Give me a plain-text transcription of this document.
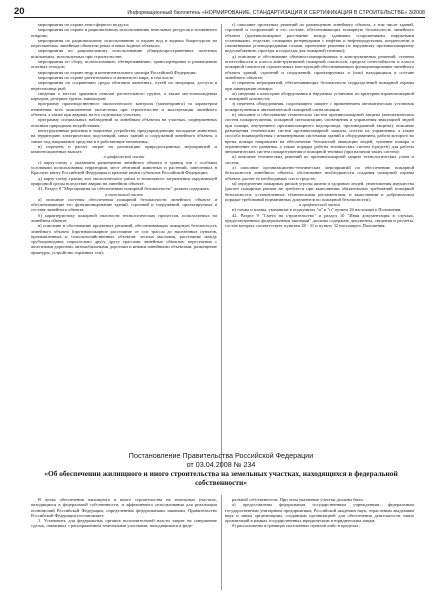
20	Информационный бюллетень «НОРМИРОВАНИЕ, СТАНДАРТИЗАЦИЯ И СЕРТИФИКАЦИЯ В СТРОИТЕЛЬСТВЕ» 3/2008

мероприятия по охране атмосферного воздуха;

мероприятия по охране и рациональному использованию земельных ресурсов и почвенного покрова;

мероприятия по рациональному использованию и охране вод и водных биоресурсов на пересекаемых линейным объектом реках и иных водных объектах;

мероприятия по рациональному использованию общераспространенных полезных ископаемых, используемых при строительстве;

мероприятия по сбору, использованию, обезвреживанию, транспортировке и размещению опасных отходов;

мероприятия по охране недр и континентального шельфа Российской Федерации;

мероприятия по охране растительного и животного мира, в том числе:

мероприятия по сохранению среды обитания животных, путей их миграции, доступа в нерестилища рыб;

сведения о местах хранения отвалов растительного грунта, а также местонахождении карьеров, резервов грунта, кавальеров;

программу производственного экологического контроля (мониторинга) за характером изменения всех компонентов экосистемы при строительстве и эксплуатации линейного объекта, а также при авариях на его отдельных участках;

программу специальных наблюдений за линейным объектом на участках, подверженных опасным природным воздействиям;

конструктивные решения и защитные устройства, предупреждающие попадание животных на территорию электрических подстанций, иных зданий и сооружений линейного объекта, а также под напряжение средства и в работающие механизмы;

в) перечень и расчет затрат на реализацию природоохранных мероприятий и компенсационных выплат;

в графической части

г) карту-схему с указанием размещения линейного объекта и границ зон с особыми условиями использования территории, мест обитаний животных и растений, занесенных в Красную книгу Российской Федерации и красные книги субъектов Российской Федерации;

д) карту-схему границ зон экологического риска и возможного загрязнения окружающей природной среды вследствие аварии на линейном объекте.

41. Раздел 8 "Мероприятия по обеспечению пожарной безопасности" должен содержать:

в текстовой части

а) описание системы обеспечения пожарной безопасности линейного объекта и обеспечивающих его функционирование зданий, строений и сооружений, проектируемых в составе линейного объекта;

б) характеристику пожарной опасности технологических процессов, используемых на линейном объекте;

в) описание и обоснование проектных решений, обеспечивающих пожарную безопасность линейного объекта (противопожарное расстояние от оси трассы до населенных пунктов, промышленных и сельскохозяйственных объектов, лесных массивов, расстояние между трубопроводами, параллельно другу другу трассами линейных объектов, пересечение с железными дорогами, автомобильными дорогами и иными линейными объектами, размещение арматуры, устройство охранных зон);

г) описание проектных решений по размещению линейного объекта, а том числе зданий, строений и сооружений в его составе, обеспечивающих пожарную безопасность линейного объекта (противопожарное расстояние между зданиями, сооружениями, наружными установками, отдельно стоящими резервуарами с нефтью и нефтепродуктами, конденсатом и сжиженными углеводородными газами, проектные решения по наружному противопожарному водоснабжению, проезды и подъезды для пожарной техники);

д) описание и обоснование объемно-планировочных и конструктивных решений, степени огнестойкости и класса конструктивной пожарной опасности, предела огнестойкости и класса пожарной опасности строительных конструкций обеспечивающих функционирование линейного объекта зданий, строений и сооружений, проектируемых и (или) находящихся в составе линейного объекта;

е) перечень мероприятий, обеспечивающих безопасность подразделений пожарной охраны при ликвидации пожара;

ж) сведения о категории оборудования и наружных установок по критерию взрывопожарной и пожарной опасности;

з) перечень оборудования, подлежащего защите с применением автоматических установок пожаротушения и автоматической пожарной сигнализации;

и) описание и обоснование технических систем противопожарной защиты (автоматических систем пожаротушения, пожарной сигнализации, оповещения и управления эвакуацией людей при пожаре, внутреннего противопожарного водопровода, противодымной защиты), описание размещения технических систем противопожарной защиты, систем их управления, а также способа взаимодействия с инженерными системами зданий и оборудованием, работа которого во время пожара направлена на обеспечение безопасной эвакуации людей, тушение пожара и ограничение его развития, а также порядка работы технических систем (средств) для работы автоматических систем пожаротушения и пожарной техники (при наличии таких систем);

к) описание технических решений по противопожарной защите технологических узлов и систем;

л) описание организационно-технических мероприятий по обеспечению пожарной безопасности линейного объекта, обоснование необходимости создания пожарной охраны объекта, расчет ее необходимых сил и средств;

м) определение пожарных рисков угрозы жизни и здоровью людей, уничтожения имущества (расчет пожарных рисков не требуется при выполнении обязательных требований пожарной безопасности, установленных техническими регламентами, и выполнении в добровольном порядке требований нормативных документов по пожарной безопасности);

в графической части

н) схемы и планы, указанные в подпунктах "и" и "п" пункта 26 настоящего Положения.

42. Раздел 9 "Смета на строительство" и раздел 10 "Иная документация в случаях, предусмотренных федеральными законами" должны содержать документы, сведения и расчеты, состав которых соответствует пунктам 28 - 31 и пункту 32 настоящего Положения.

Постановление Правительства Российской Федерации
от 03.04.2008 № 234
«Об обеспечении жилищного и иного строительства на земельных участках, находящихся в федеральной собственности»

В целях обеспечения жилищного и иного строительства на земельных участках, находящихся в федеральной собственности, и эффективного использования для реализации полномочий Российской Федерации, определенных федеральными законами, Правительство Российской Федерации постановляет:

1. Установить для федеральных органов исполнительной власти запрет на совершение сделок, связанных с распоряжением земельными участками, находящимися в феде-

ральной собственности. При этом указанные участки должны быть:

а) предоставлены федеральным государственным учреждениям, федеральным государственным унитарным предприятиям, Российской академии наук, отраслевым академиям наук и иным организациям, созданным организацией для обеспечения деятельности таких организаций в рамках государственных юридическим и юридическим лицам;

б) расположены в границах населенных пунктов либо в пределах:
